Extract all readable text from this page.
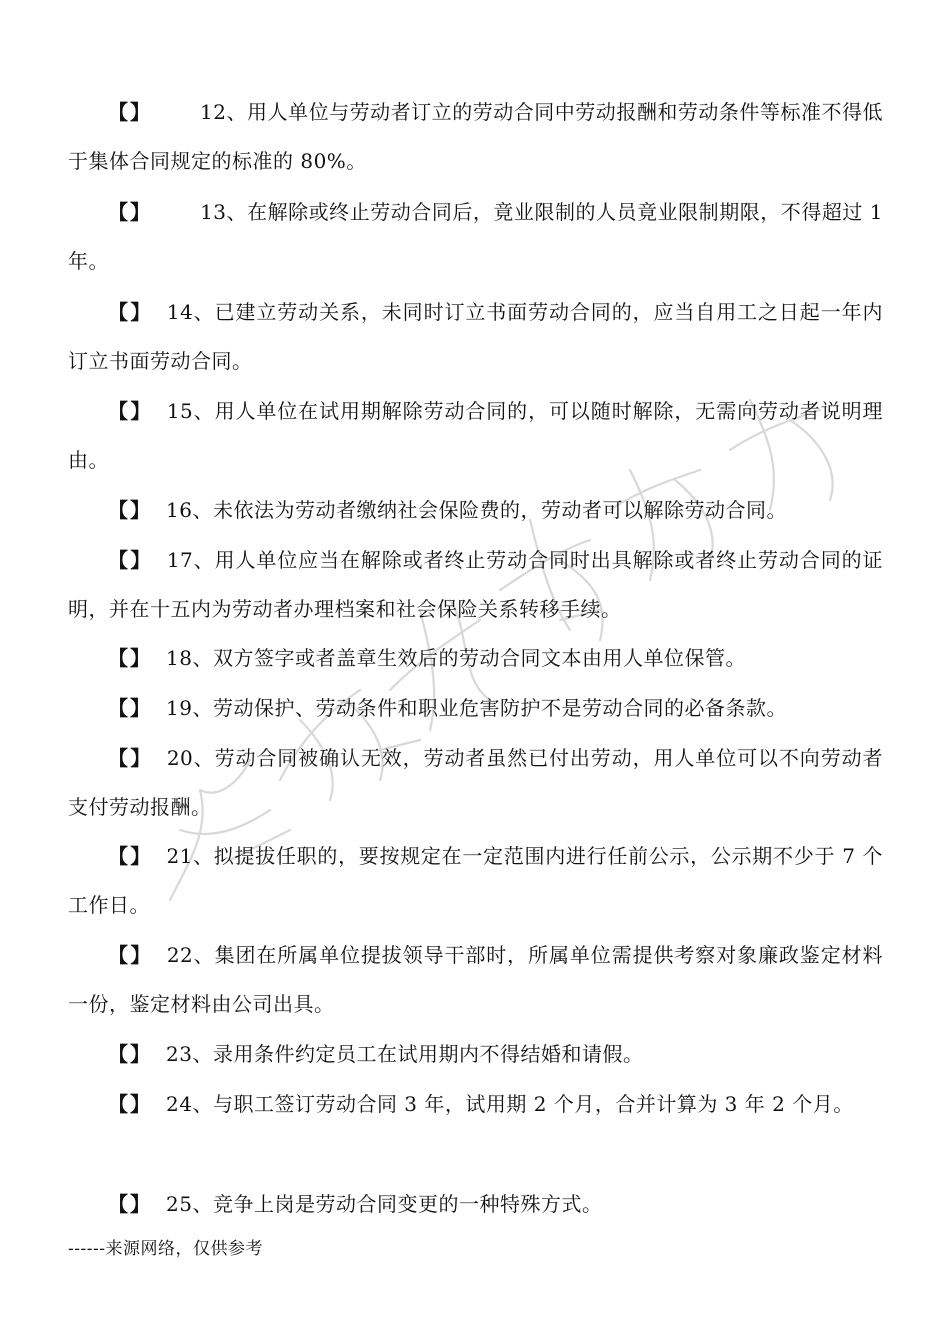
【】 12、用人单位与劳动者订立的劳动合同中劳动报酬和劳动条件等标准不得低于集体合同规定的标准的 80%。

【】 13、在解除或终止劳动合同后，竟业限制的人员竟业限制期限，不得超过 1 年。

【】 14、已建立劳动关系，未同时订立书面劳动合同的，应当自用工之日起一年内订立书面劳动合同。

【】 15、用人单位在试用期解除劳动合同的，可以随时解除，无需向劳动者说明理由。

【】 16、未依法为劳动者缴纳社会保险费的，劳动者可以解除劳动合同。

【】 17、用人单位应当在解除或者终止劳动合同时出具解除或者终止劳动合同的证明，并在十五内为劳动者办理档案和社会保险关系转移手续。

【】 18、双方签字或者盖章生效后的劳动合同文本由用人单位保管。

【】 19、劳动保护、劳动条件和职业危害防护不是劳动合同的必备条款。

【】 20、劳动合同被确认无效，劳动者虽然已付出劳动，用人单位可以不向劳动者支付劳动报酬。

【】 21、拟提拔任职的，要按规定在一定范围内进行任前公示，公示期不少于 7 个工作日。

【】 22、集团在所属单位提拔领导干部时，所属单位需提供考察对象廉政鉴定材料一份，鉴定材料由公司出具。

【】 23、录用条件约定员工在试用期内不得结婚和请假。

【】 24、与职工签订劳动合同 3 年，试用期 2 个月，合并计算为 3 年 2 个月。

【】 25、竞争上岗是劳动合同变更的一种特殊方式。

------来源网络，仅供参考
